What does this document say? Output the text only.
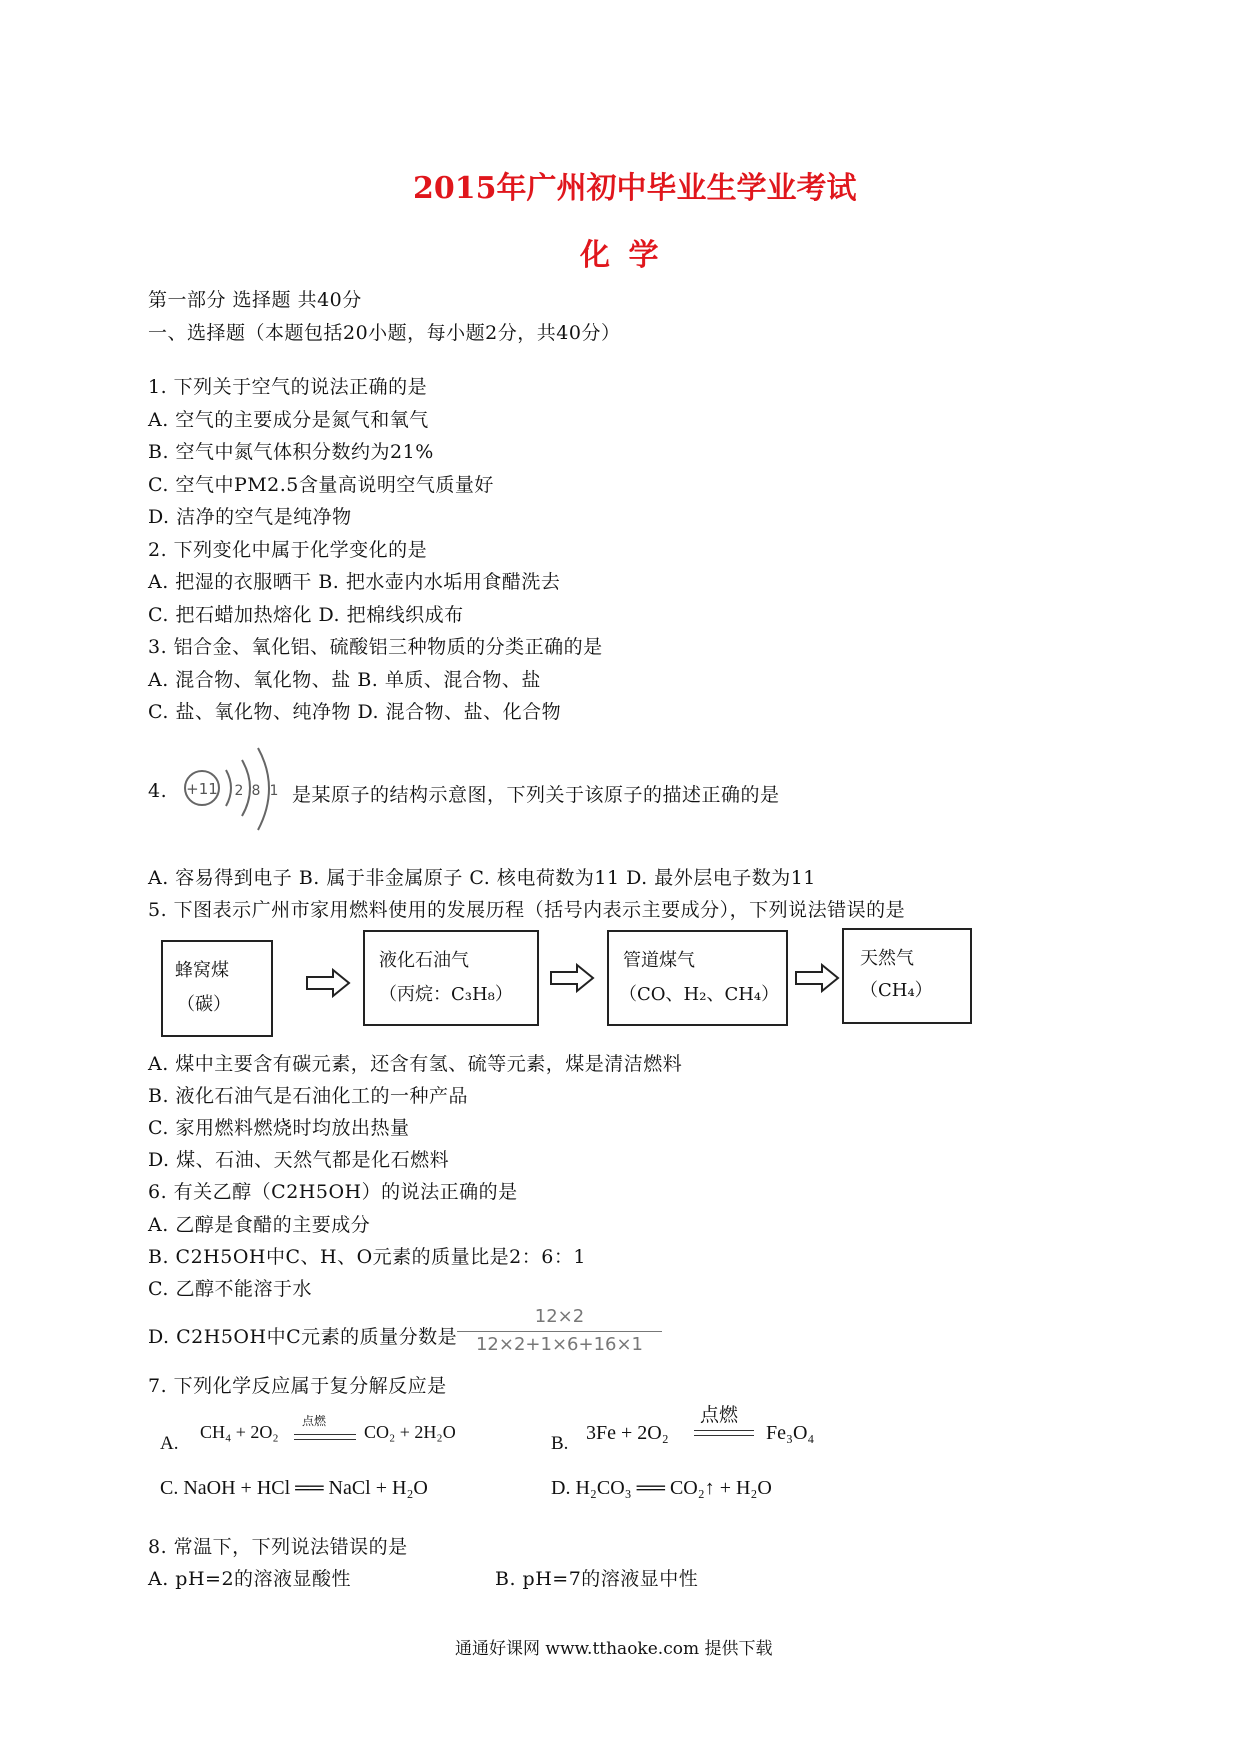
2015年广州初中毕业生学业考试
化 学
第一部分 选择题 共40分
一、选择题（本题包括20小题，每小题2分，共40分）
1. 下列关于空气的说法正确的是
A. 空气的主要成分是氮气和氧气
B. 空气中氮气体积分数约为21%
C. 空气中PM2.5含量高说明空气质量好
D. 洁净的空气是纯净物
2. 下列变化中属于化学变化的是
A. 把湿的衣服晒干 B. 把水壶内水垢用食醋洗去
C. 把石蜡加热熔化 D. 把棉线织成布
3. 铝合金、氧化铝、硫酸铝三种物质的分类正确的是
A. 混合物、氧化物、盐 B. 单质、混合物、盐
C. 盐、氧化物、纯净物 D. 混合物、盐、化合物
4. +11 2 8 1 是某原子的结构示意图，下列关于该原子的描述正确的是
A. 容易得到电子 B. 属于非金属原子 C. 核电荷数为11 D. 最外层电子数为11
5. 下图表示广州市家用燃料使用的发展历程（括号内表示主要成分），下列说法错误的是
蜂窝煤
（碳）
液化石油气
（丙烷：C₃H₈）
管道煤气
（CO、H₂、CH₄）
天然气
（CH₄）
A. 煤中主要含有碳元素，还含有氢、硫等元素，煤是清洁燃料
B. 液化石油气是石油化工的一种产品
C. 家用燃料燃烧时均放出热量
D. 煤、石油、天然气都是化石燃料
6. 有关乙醇（C2H5OH）的说法正确的是
A. 乙醇是食醋的主要成分
B. C2H5OH中C、H、O元素的质量比是2：6：1
C. 乙醇不能溶于水
D. C2H5OH中C元素的质量分数是
12×2
12×2+1×6+16×1
7. 下列化学反应属于复分解反应是
A.
CH₄ + 2O₂
点燃
CO₂ + 2H₂O
B. 3Fe + 2O₂
点燃
Fe₃O₄
C. NaOH + HCl ══ NaCl + H₂O	D. H₂CO₃ ══ CO₂↑ + H₂O
8. 常温下，下列说法错误的是
A. pH=2的溶液显酸性	B. pH=7的溶液显中性
通通好课网 www.tthaoke.com 提供下载
